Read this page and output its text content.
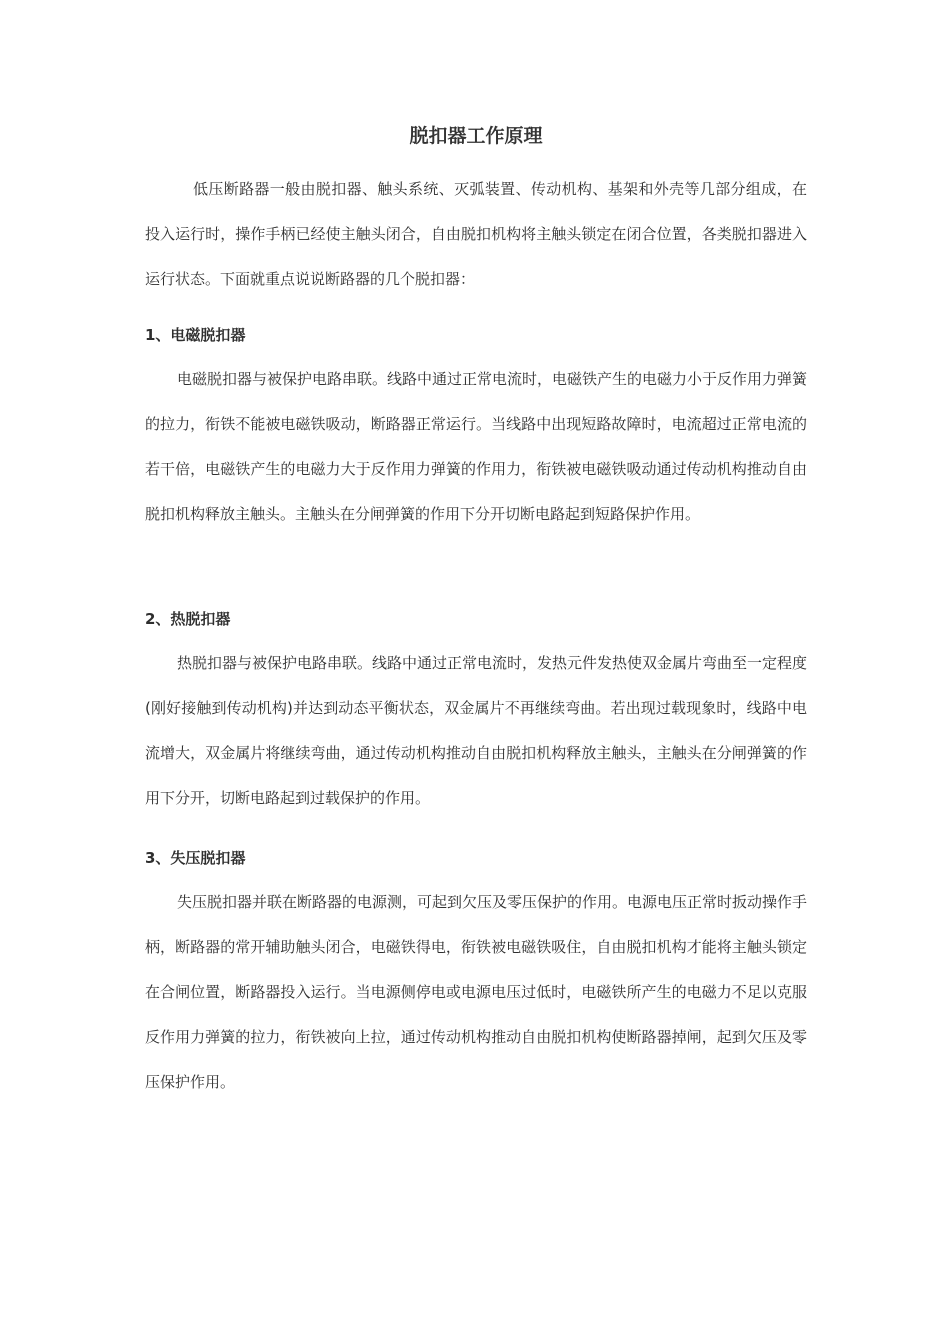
脱扣器工作原理

低压断路器一般由脱扣器、触头系统、灭弧装置、传动机构、基架和外壳等几部分组成，在投入运行时，操作手柄已经使主触头闭合，自由脱扣机构将主触头锁定在闭合位置，各类脱扣器进入运行状态。下面就重点说说断路器的几个脱扣器：

1、电磁脱扣器

电磁脱扣器与被保护电路串联。线路中通过正常电流时，电磁铁产生的电磁力小于反作用力弹簧的拉力，衔铁不能被电磁铁吸动，断路器正常运行。当线路中出现短路故障时，电流超过正常电流的若干倍，电磁铁产生的电磁力大于反作用力弹簧的作用力，衔铁被电磁铁吸动通过传动机构推动自由脱扣机构释放主触头。主触头在分闸弹簧的作用下分开切断电路起到短路保护作用。

2、热脱扣器

热脱扣器与被保护电路串联。线路中通过正常电流时，发热元件发热使双金属片弯曲至一定程度(刚好接触到传动机构)并达到动态平衡状态，双金属片不再继续弯曲。若出现过载现象时，线路中电流增大，双金属片将继续弯曲，通过传动机构推动自由脱扣机构释放主触头，主触头在分闸弹簧的作用下分开，切断电路起到过载保护的作用。

3、失压脱扣器

失压脱扣器并联在断路器的电源测，可起到欠压及零压保护的作用。电源电压正常时扳动操作手柄，断路器的常开辅助触头闭合，电磁铁得电，衔铁被电磁铁吸住，自由脱扣机构才能将主触头锁定在合闸位置，断路器投入运行。当电源侧停电或电源电压过低时，电磁铁所产生的电磁力不足以克服反作用力弹簧的拉力，衔铁被向上拉，通过传动机构推动自由脱扣机构使断路器掉闸，起到欠压及零压保护作用。
